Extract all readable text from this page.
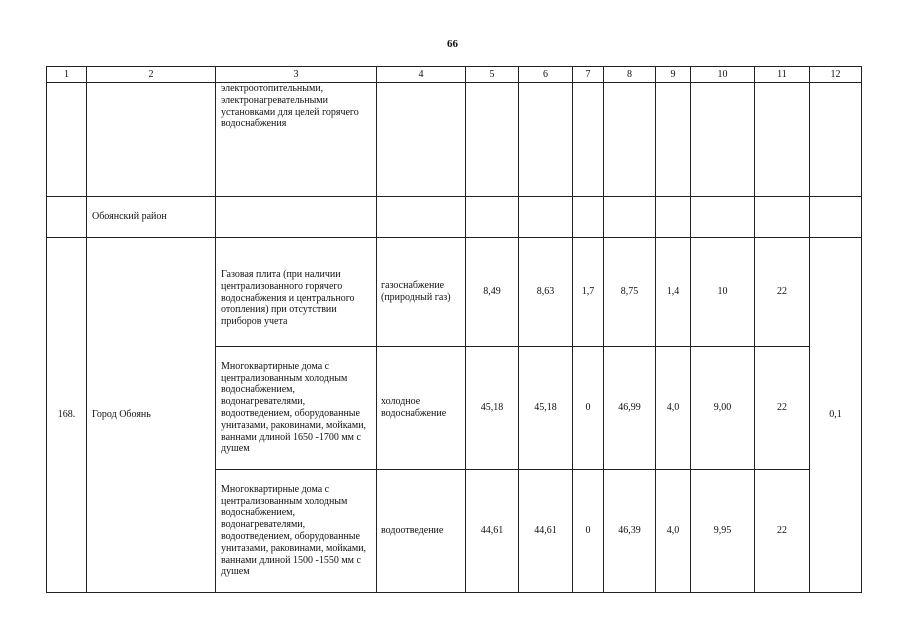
66
1	2	3	4	5	6	7	8	9	10	11	12
		электроотопительными, электронагревательными установками для целей горячего водоснабжения									
	Обоянский район										
168.	Город Обоянь	Газовая плита (при наличии централизованного горячего водоснабжения и центрального отопления) при отсутствии приборов учета	газоснабжение (природный газ)	8,49	8,63	1,7	8,75	1,4	10	22	0,1
		Многоквартирные дома с централизованным холодным водоснабжением, водонагревателями, водоотведением, оборудованные унитазами, раковинами, мойками, ваннами длиной 1650 -1700 мм с душем	холодное водоснабжение	45,18	45,18	0	46,99	4,0	9,00	22	
		Многоквартирные дома с централизованным холодным водоснабжением, водонагревателями, водоотведением, оборудованные унитазами, раковинами, мойками, ваннами длиной 1500 -1550 мм с душем	водоотведение	44,61	44,61	0	46,39	4,0	9,95	22	
